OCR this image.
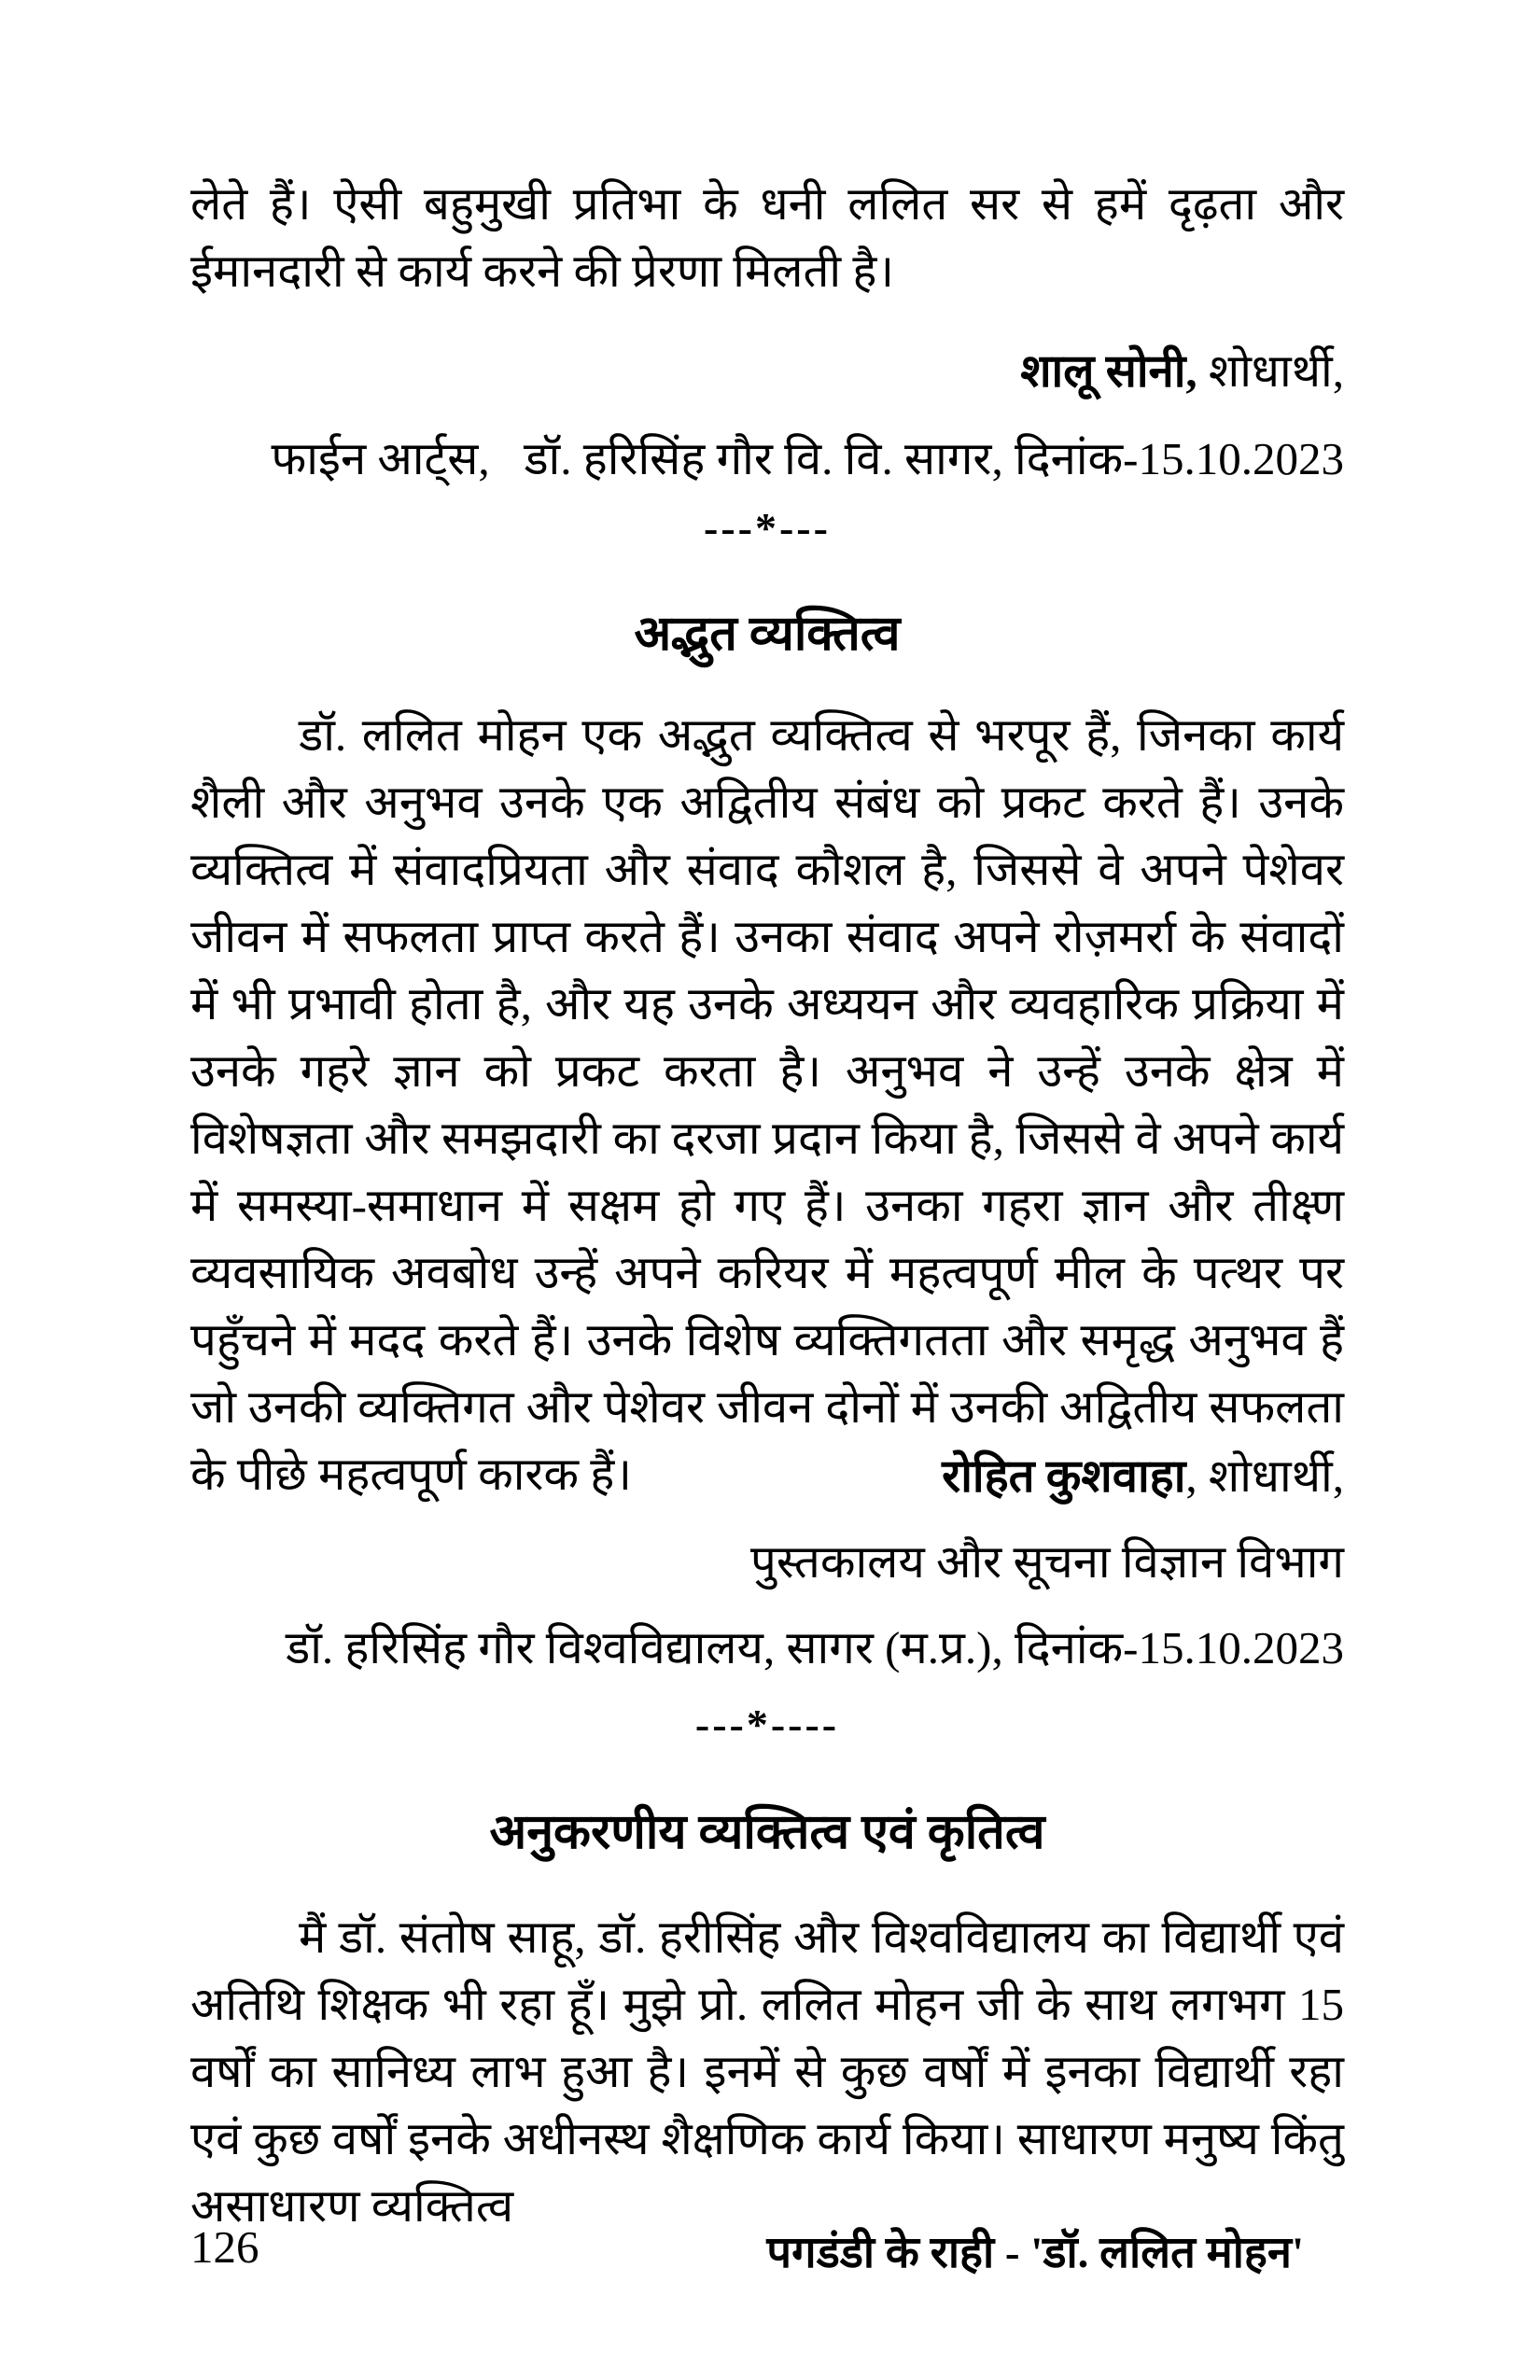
लेते हैं। ऐसी बहुमुखी प्रतिभा के धनी ललित सर से हमें दृढ़ता और ईमानदारी से कार्य करने की प्रेरणा मिलती है।
शालू सोनी, शोधार्थी,
फाईन आर्ट्स,   डॉ. हरिसिंह गौर वि. वि. सागर, दिनांक-15.10.2023
---*---
अद्भुत व्यक्तित्व
डॉ. ललित मोहन एक अद्भुत व्यक्तित्व से भरपूर हैं, जिनका कार्य शैली और अनुभव उनके एक अद्वितीय संबंध को प्रकट करते हैं। उनके व्यक्तित्व में संवादप्रियता और संवाद कौशल है, जिससे वे अपने पेशेवर जीवन में सफलता प्राप्त करते हैं। उनका संवाद अपने रोज़मर्रा के संवादों में भी प्रभावी होता है, और यह उनके अध्ययन और व्यवहारिक प्रक्रिया में उनके गहरे ज्ञान को प्रकट करता है। अनुभव ने उन्हें उनके क्षेत्र में विशेषज्ञता और समझदारी का दरजा प्रदान किया है, जिससे वे अपने कार्य में समस्या-समाधान में सक्षम हो गए हैं। उनका गहरा ज्ञान और तीक्ष्ण व्यवसायिक अवबोध उन्हें अपने करियर में महत्वपूर्ण मील के पत्थर पर पहुँचने में मदद करते हैं। उनके विशेष व्यक्तिगतता और समृद्ध अनुभव हैं जो उनकी व्यक्तिगत और पेशेवर जीवन दोनों में उनकी अद्वितीय सफलता के पीछे महत्वपूर्ण कारक हैं।	रोहित कुशवाहा, शोधार्थी,
पुस्तकालय और सूचना विज्ञान विभाग
डॉ. हरिसिंह गौर विश्वविद्यालय, सागर (म.प्र.), दिनांक-15.10.2023
---*----
अनुकरणीय व्यक्तित्व एवं कृतित्व
मैं डॉ. संतोष साहू, डॉ. हरीसिंह और विश्वविद्यालय का विद्यार्थी एवं अतिथि शिक्षक भी रहा हूँ। मुझे प्रो. ललित मोहन जी के साथ लगभग 15 वर्षों का सानिध्य लाभ हुआ है। इनमें से कुछ वर्षों में इनका विद्यार्थी रहा एवं कुछ वर्षों इनके अधीनस्थ शैक्षणिक कार्य किया। साधारण मनुष्य किंतु असाधारण व्यक्तित्व
126	पगडंडी के राही - 'डॉ. ललित मोहन'
